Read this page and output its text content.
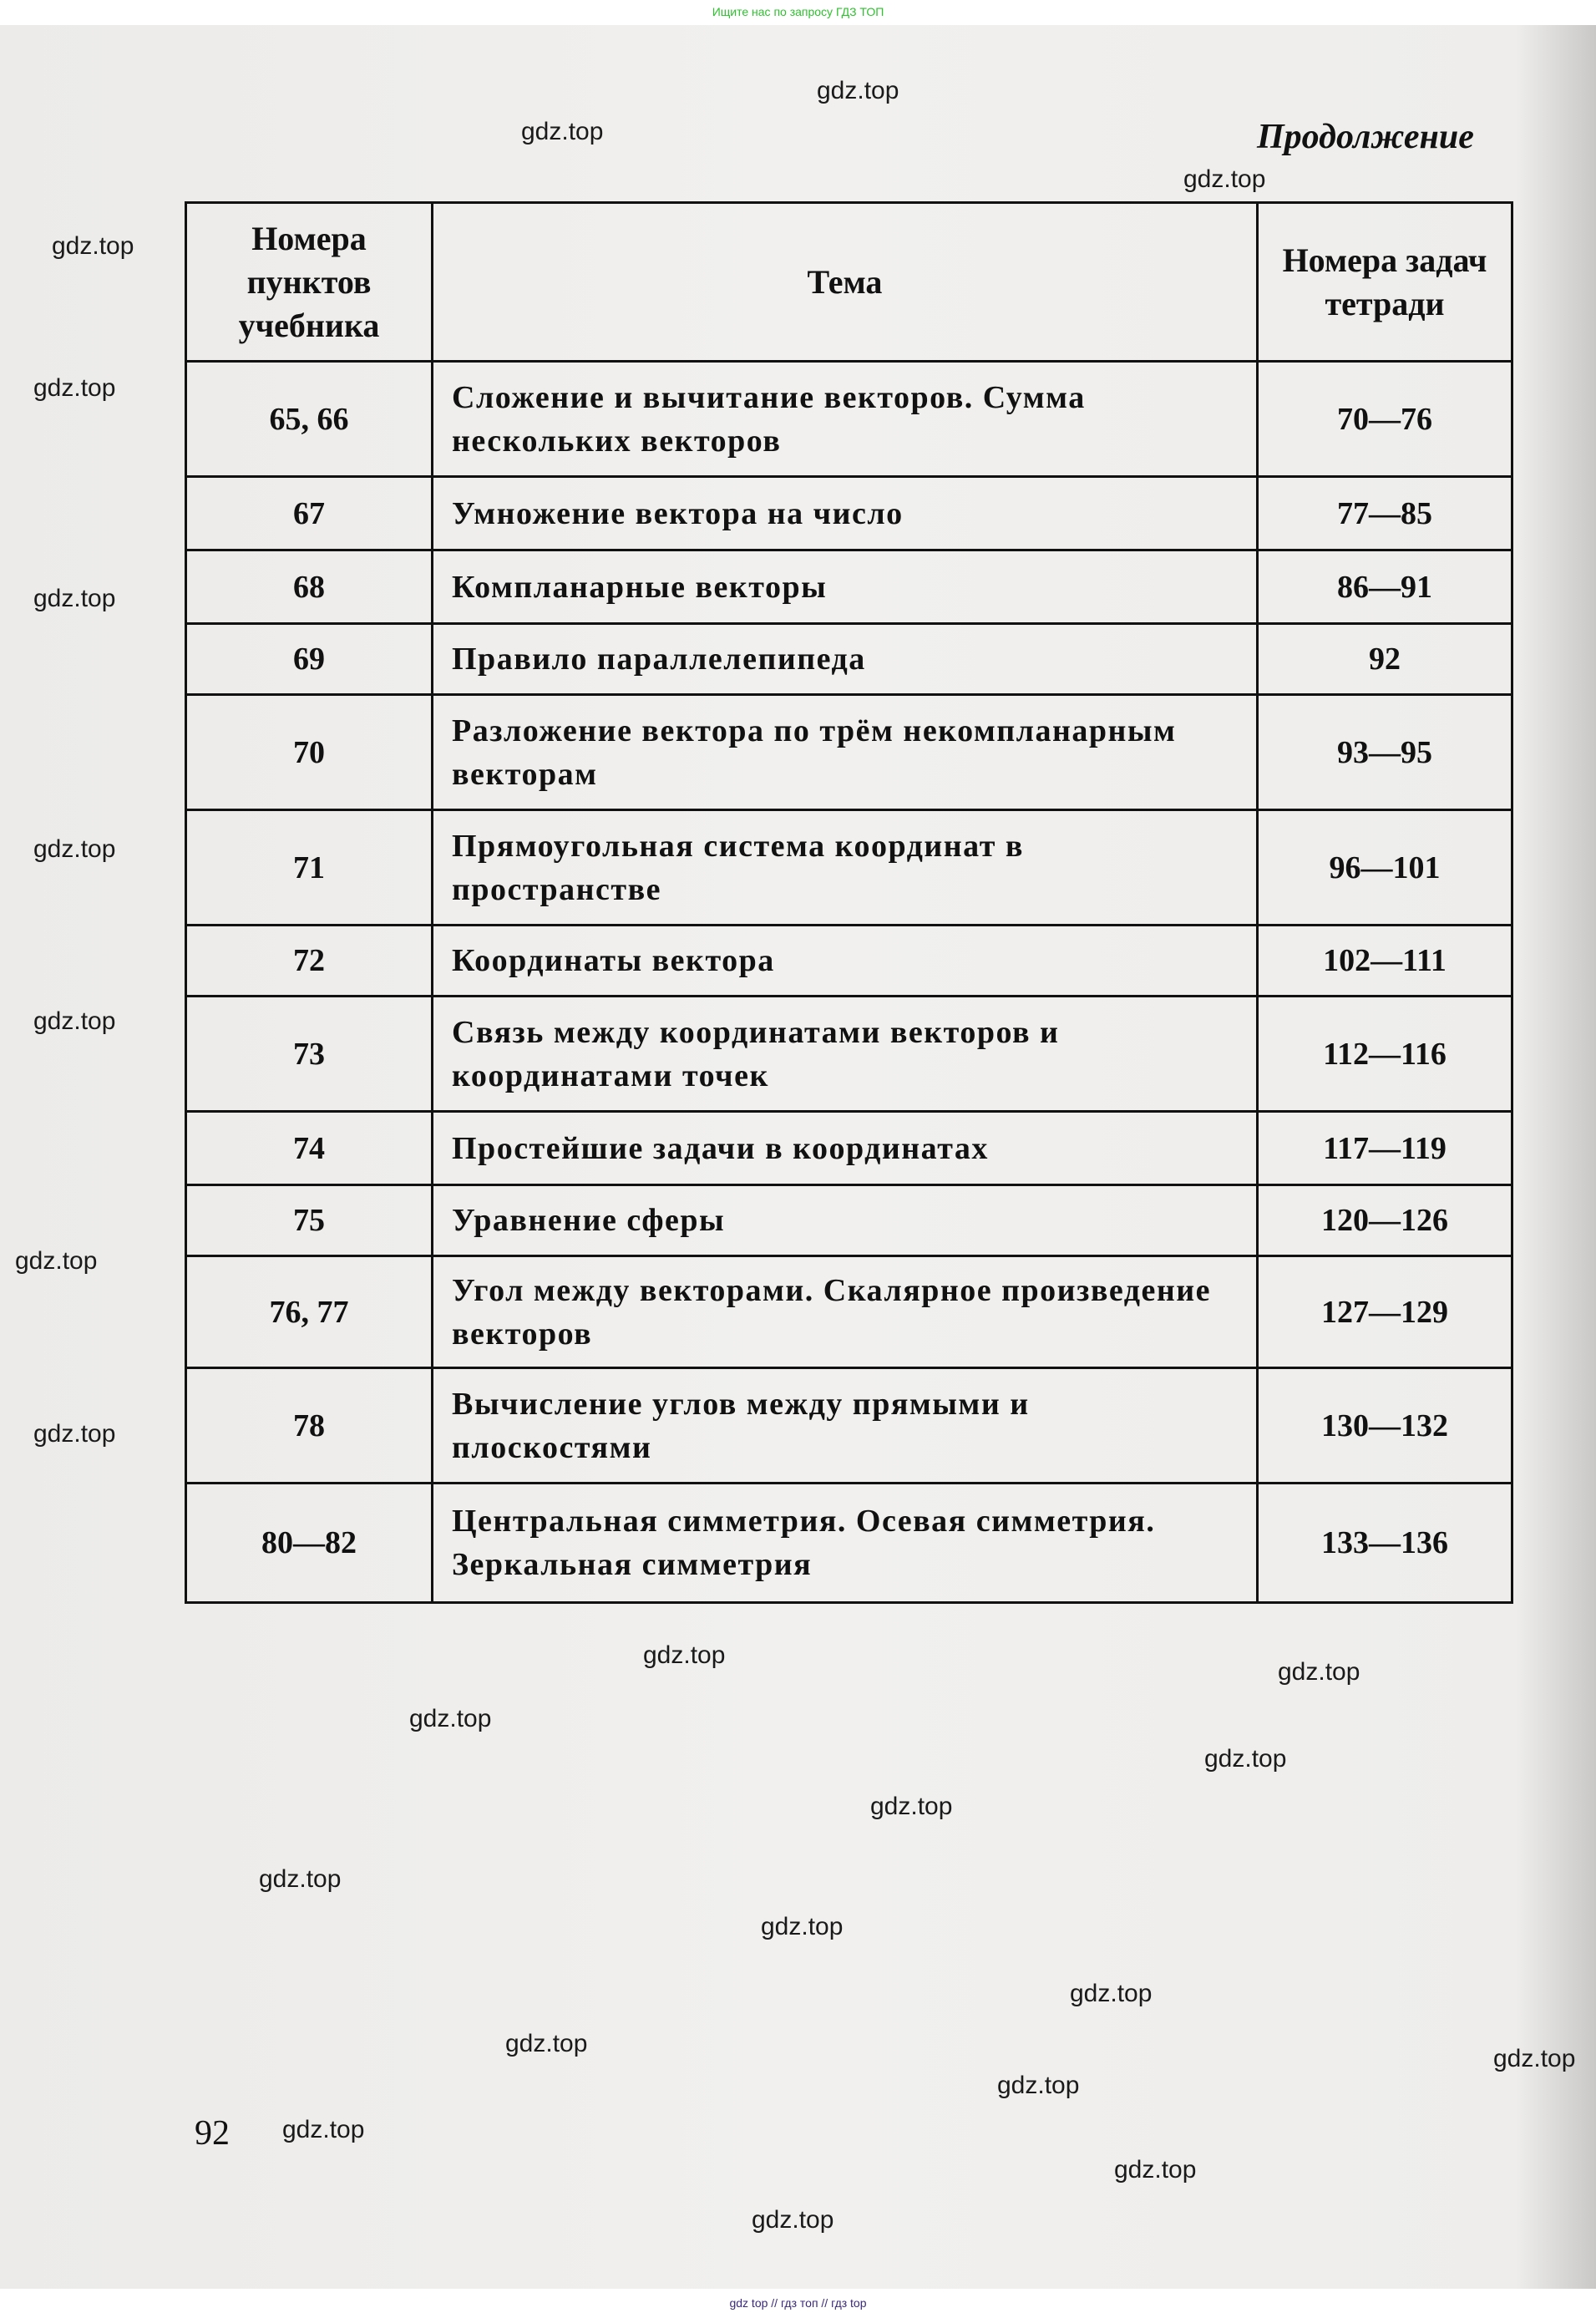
Ищите нас по запросу ГДЗ ТОП
Продолжение
Номера пунктов учебника	Тема	Номера задач тетради
65, 66	Сложение и вычитание векторов. Сумма нескольких векторов	70—76
67	Умножение вектора на число	77—85
68	Компланарные векторы	86—91
69	Правило параллелепипеда	92
70	Разложение вектора по трём некомпланарным векторам	93—95
71	Прямоугольная система координат в пространстве	96—101
72	Координаты вектора	102—111
73	Связь между координатами векторов и координатами точек	112—116
74	Простейшие задачи в координатах	117—119
75	Уравнение сферы	120—126
76, 77	Угол между векторами. Скалярное произведение векторов	127—129
78	Вычисление углов между прямыми и плоскостями	130—132
80—82	Центральная симметрия. Осевая симметрия. Зеркальная симметрия	133—136
92
gdz.top
gdz.top
gdz.top
gdz.top
gdz.top
gdz.top
gdz.top
gdz.top
gdz.top
gdz.top
gdz.top
gdz.top
gdz.top
gdz.top
gdz.top
gdz.top
gdz.top
gdz.top
gdz.top
gdz.top
gdz.top
gdz.top
gdz.top
gdz.top
gdz top // гдз топ // гдз top
